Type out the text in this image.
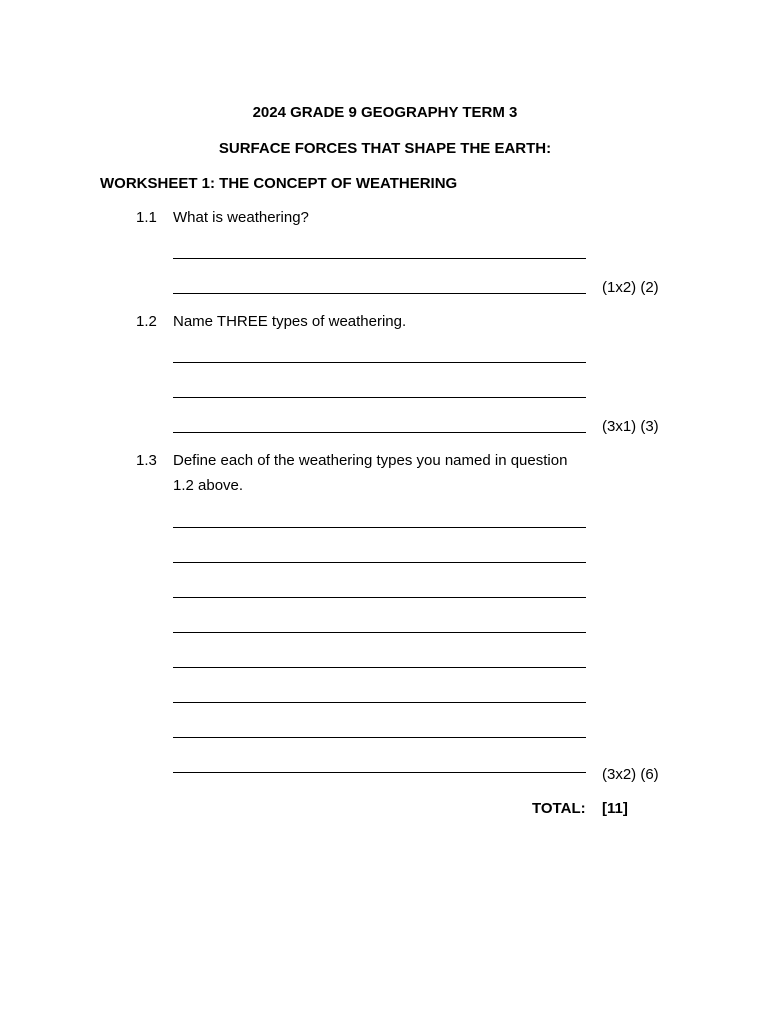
2024 GRADE 9 GEOGRAPHY TERM 3
SURFACE FORCES THAT SHAPE THE EARTH:
WORKSHEET 1: THE CONCEPT OF WEATHERING
1.1 What is weathering?
(1x2) (2)
1.2 Name THREE types of weathering.
(3x1) (3)
1.3 Define each of the weathering types you named in question
1.2 above.
(3x2) (6)
TOTAL: [11]
